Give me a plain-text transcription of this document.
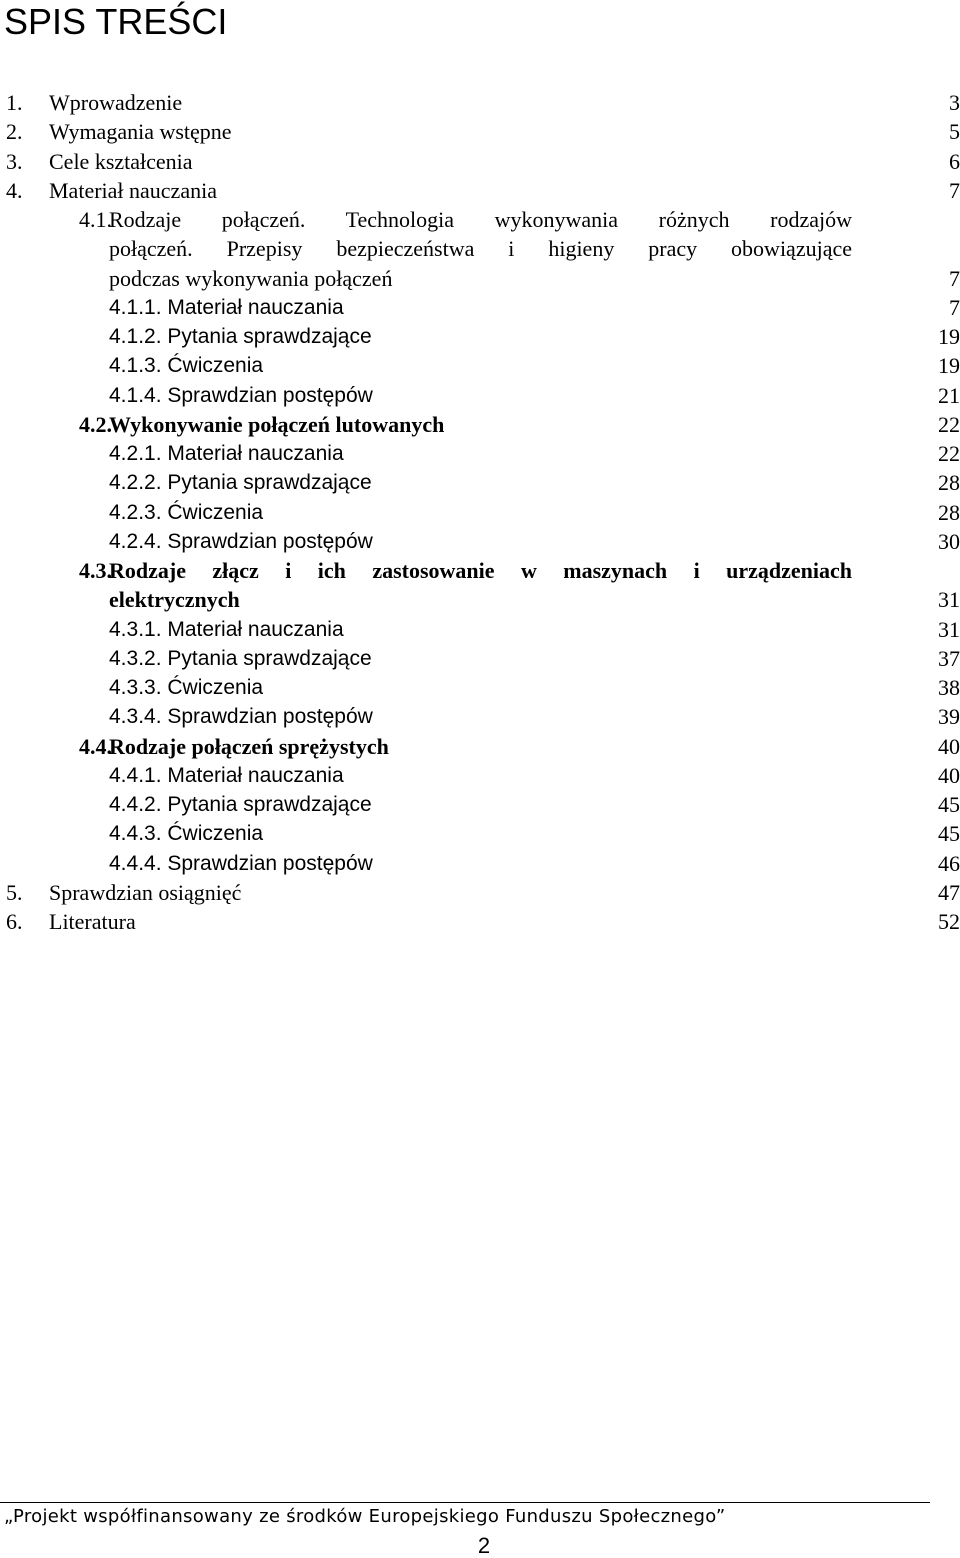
SPIS TREŚCI
1. Wprowadzenie	3
2. Wymagania wstępne	5
3. Cele kształcenia	6
4. Materiał nauczania	7
4.1.
Rodzaje połączeń. Technologia wykonywania różnych rodzajów
połączeń. Przepisy bezpieczeństwa i higieny pracy obowiązujące
podczas wykonywania połączeń	7
4.1.1. Materiał nauczania	7
4.1.2. Pytania sprawdzające	19
4.1.3. Ćwiczenia	19
4.1.4. Sprawdzian postępów	21
4.2.
Wykonywanie połączeń lutowanych	22
4.2.1. Materiał nauczania	22
4.2.2. Pytania sprawdzające	28
4.2.3. Ćwiczenia	28
4.2.4. Sprawdzian postępów	30
4.3.
Rodzaje złącz i ich zastosowanie w maszynach i urządzeniach
elektrycznych	31
4.3.1. Materiał nauczania	31
4.3.2. Pytania sprawdzające	37
4.3.3. Ćwiczenia	38
4.3.4. Sprawdzian postępów	39
4.4.
Rodzaje połączeń sprężystych	40
4.4.1. Materiał nauczania	40
4.4.2. Pytania sprawdzające	45
4.4.3. Ćwiczenia	45
4.4.4. Sprawdzian postępów	46
5. Sprawdzian osiągnięć	47
6. Literatura	52
„Projekt współfinansowany ze środków Europejskiego Funduszu Społecznego”
2
